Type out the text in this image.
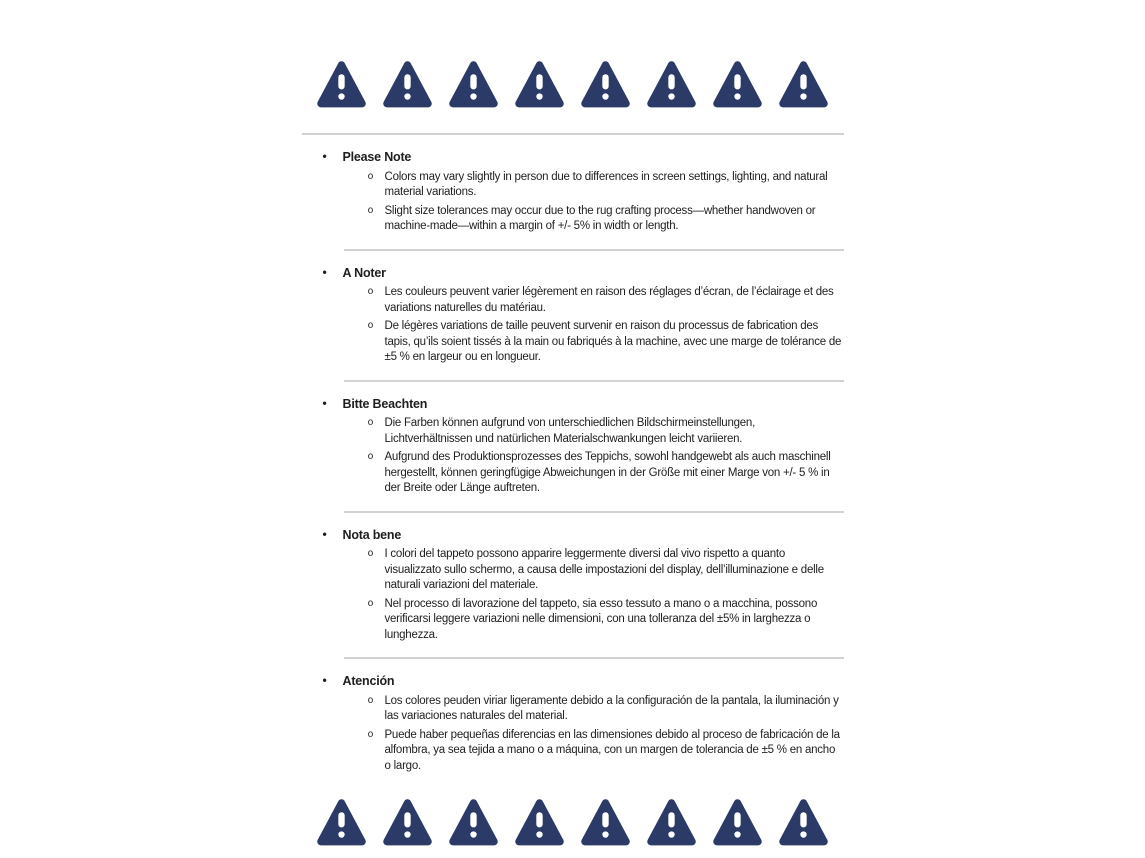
• Please Note
o Colors may vary slightly in person due to differences in screen settings, lighting, and natural material variations.
o Slight size tolerances may occur due to the rug crafting process—whether handwoven or machine-made—within a margin of +/- 5% in width or length.
• A Noter
o Les couleurs peuvent varier légèrement en raison des réglages d’écran, de l’éclairage et des variations naturelles du matériau.
o De légères variations de taille peuvent survenir en raison du processus de fabrication des tapis, qu’ils soient tissés à la main ou fabriqués à la machine, avec une marge de tolérance de ±5 % en largeur ou en longueur.
• Bitte Beachten
o Die Farben können aufgrund von unterschiedlichen Bildschirmeinstellungen, Lichtverhältnissen und natürlichen Materialschwankungen leicht variieren.
o Aufgrund des Produktionsprozesses des Teppichs, sowohl handgewebt als auch maschinell hergestellt, können geringfügige Abweichungen in der Größe mit einer Marge von +/- 5 % in der Breite oder Länge auftreten.
• Nota bene
o I colori del tappeto possono apparire leggermente diversi dal vivo rispetto a quanto visualizzato sullo schermo, a causa delle impostazioni del display, dell’illuminazione e delle naturali variazioni del materiale.
o Nel processo di lavorazione del tappeto, sia esso tessuto a mano o a macchina, possono verificarsi leggere variazioni nelle dimensioni, con una tolleranza del ±5% in larghezza o lunghezza.
• Atención
o Los colores peuden viriar ligeramente debido a la configuración de la pantala, la iluminación y las variaciones naturales del material.
o Puede haber pequeñas diferencias en las dimensiones debido al proceso de fabricación de la alfombra, ya sea tejida a mano o a máquina, con un margen de tolerancia de ±5 % en ancho o largo.
